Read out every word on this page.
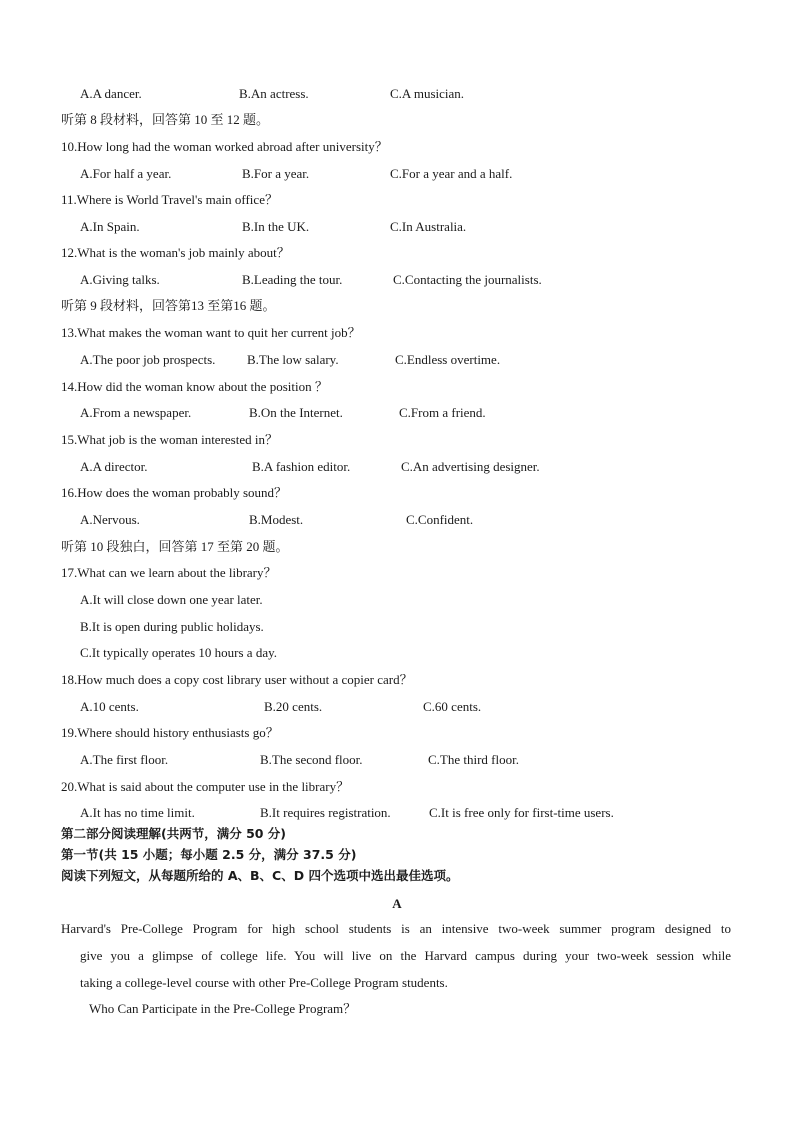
A.A dancer.	B.An actress.	C.A musician.
听第 8 段材料，回答第 10 至 12 题。
10.How long had the woman worked abroad after university？
A.For half a year.	B.For a year.	C.For a year and a half.
11.Where is World Travel's main office？
A.In Spain.	B.In the UK.	C.In Australia.
12.What is the woman's job mainly about？
A.Giving talks.	B.Leading the tour.	C.Contacting the journalists.
听第 9 段材料，回答第13 至第16 题。
13.What makes the woman want to quit her current job？
A.The poor job prospects. B.The low salary.	C.Endless overtime.
14.How did the woman know about the position ？
A.From a newspaper.	B.On the Internet.	C.From a friend.
15.What job is the woman interested in？
A.A director.	B.A fashion editor.	C.An advertising designer.
16.How does the woman probably sound？
A.Nervous.	B.Modest.	C.Confident.
听第 10 段独白，回答第 17 至第 20 题。
17.What can we learn about the library？
A.It will close down one year later.
B.It is open during public holidays.
C.It typically operates 10 hours a day.
18.How much does a copy cost library user without a copier card？
A.10 cents.	B.20 cents.	C.60 cents.
19.Where should history enthusiasts go？
A.The first floor.	B.The second floor.	C.The third floor.
20.What is said about the computer use in the library？
A.It has no time limit.	B.It requires registration.	C.It is free only for first-time users.
第二部分阅读理解(共两节，满分 50 分)
第一节(共 15 小题；每小题 2.5 分，满分 37.5 分)
阅读下列短文，从每题所给的 A、B、C、D 四个选项中选出最佳选项。
A
Harvard's Pre-College Program for high school students is an intensive two-week summer program designed to
give you a glimpse of college life. You will live on the Harvard campus during your two-week session while
taking a college-level course with other Pre-College Program students.
Who Can Participate in the Pre-College Program？
